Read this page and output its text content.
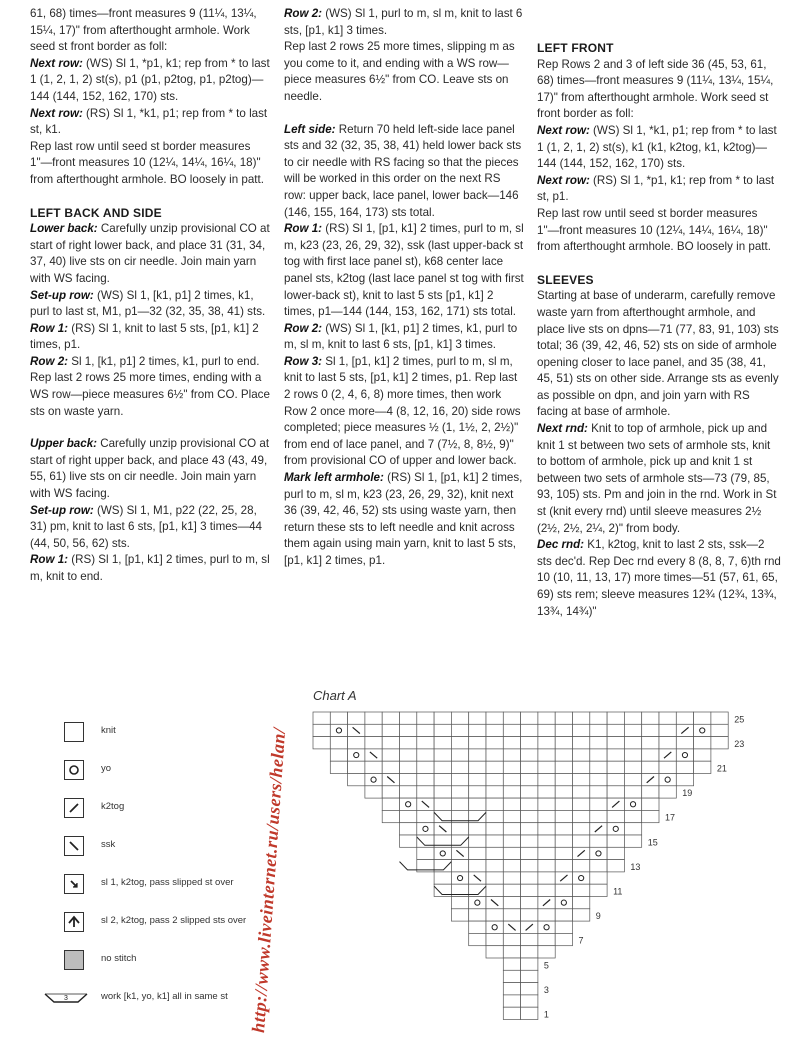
61, 68) times—front measures 9 (11¼, 13¼, 15¼, 17)" from afterthought armhole. Work seed st front border as foll:

Next row: (WS) Sl 1, *p1, k1; rep from * to last 1 (1, 2, 1, 2) st(s), p1 (p1, p2tog, p1, p2tog)—144 (144, 152, 162, 170) sts.

Next row: (RS) Sl 1, *k1, p1; rep from * to last st, k1.

Rep last row until seed st border measures 1"—front measures 10 (12¼, 14¼, 16¼, 18)" from afterthought armhole. BO loosely in patt.

LEFT BACK AND SIDE

Lower back: Carefully unzip provisional CO at start of right lower back, and place 31 (31, 34, 37, 40) live sts on cir needle. Join main yarn with WS facing.

Set-up row: (WS) Sl 1, [k1, p1] 2 times, k1, purl to last st, M1, p1—32 (32, 35, 38, 41) sts.

Row 1: (RS) Sl 1, knit to last 5 sts, [p1, k1] 2 times, p1.

Row 2: Sl 1, [k1, p1] 2 times, k1, purl to end.

Rep last 2 rows 25 more times, ending with a WS row—piece measures 6½" from CO. Place sts on waste yarn.

Upper back: Carefully unzip provisional CO at start of right upper back, and place 43 (43, 49, 55, 61) live sts on cir needle. Join main yarn with WS facing.

Set-up row: (WS) Sl 1, M1, p22 (22, 25, 28, 31) pm, knit to last 6 sts, [p1, k1] 3 times—44 (44, 50, 56, 62) sts.

Row 1: (RS) Sl 1, [p1, k1] 2 times, purl to m, sl m, knit to end.

Row 2: (WS) Sl 1, purl to m, sl m, knit to last 6 sts, [p1, k1] 3 times.

Rep last 2 rows 25 more times, slipping m as you come to it, and ending with a WS row—piece measures 6½" from CO. Leave sts on needle.

Left side: Return 70 held left-side lace panel sts and 32 (32, 35, 38, 41) held lower back sts to cir needle with RS facing so that the pieces will be worked in this order on the next RS row: upper back, lace panel, lower back—146 (146, 155, 164, 173) sts total.

Row 1: (RS) Sl 1, [p1, k1] 2 times, purl to m, sl m, k23 (23, 26, 29, 32), ssk (last upper-back st tog with first lace panel st), k68 center lace panel sts, k2tog (last lace panel st tog with first lower-back st), knit to last 5 sts [p1, k1] 2 times, p1—144 (144, 153, 162, 171) sts total.

Row 2: (WS) Sl 1, [k1, p1] 2 times, k1, purl to m, sl m, knit to last 6 sts, [p1, k1] 3 times.

Row 3: Sl 1, [p1, k1] 2 times, purl to m, sl m, knit to last 5 sts, [p1, k1] 2 times, p1. Rep last 2 rows 0 (2, 4, 6, 8) more times, then work Row 2 once more—4 (8, 12, 16, 20) side rows completed; piece measures ½ (1, 1½, 2, 2½)" from end of lace panel, and 7 (7½, 8, 8½, 9)" from provisional CO of upper and lower back.

Mark left armhole: (RS) Sl 1, [p1, k1] 2 times, purl to m, sl m, k23 (23, 26, 29, 32), knit next 36 (39, 42, 46, 52) sts using waste yarn, then return these sts to left needle and knit across them again using main yarn, knit to last 5 sts, [p1, k1] 2 times, p1.

LEFT FRONT

Rep Rows 2 and 3 of left side 36 (45, 53, 61, 68) times—front measures 9 (11¼, 13¼, 15¼, 17)" from afterthought armhole. Work seed st front border as foll:

Next row: (WS) Sl 1, *k1, p1; rep from * to last 1 (1, 2, 1, 2) st(s), k1 (k1, k2tog, k1, k2tog)— 144 (144, 152, 162, 170) sts.

Next row: (RS) Sl 1, *p1, k1; rep from * to last st, p1.

Rep last row until seed st border measures 1"—front measures 10 (12¼, 14¼, 16¼, 18)" from afterthought armhole. BO loosely in patt.

SLEEVES

Starting at base of underarm, carefully remove waste yarn from afterthought armhole, and place live sts on dpns—71 (77, 83, 91, 103) sts total; 36 (39, 42, 46, 52) sts on side of armhole opening closer to lace panel, and 35 (38, 41, 45, 51) sts on other side. Arrange sts as evenly as possible on dpn, and join yarn with RS facing at base of armhole.

Next rnd: Knit to top of armhole, pick up and knit 1 st between two sets of armhole sts, knit to bottom of armhole, pick up and knit 1 st between two sets of armhole sts—73 (79, 85, 93, 105) sts. Pm and join in the rnd. Work in St st (knit every rnd) until sleeve measures 2½ (2½, 2½, 2¼, 2)" from body.

Dec rnd: K1, k2tog, knit to last 2 sts, ssk—2 sts dec'd. Rep Dec rnd every 8 (8, 8, 7, 6)th rnd 10 (10, 11, 13, 17) more times—51 (57, 61, 65, 69) sts rem; sleeve measures 12¾ (12¾, 13¾, 13¾, 14¾)"

knit
yo
k2tog
ssk
sl 1, k2tog, pass slipped st over
sl 2, k2tog, pass 2 slipped sts over
no stitch
3	work [k1, yo, k1] all in same st
Chart A
25
23
21
19
17
15
13
11
9
7
5
3
1
http://www.liveinternet.ru/users/helan/
